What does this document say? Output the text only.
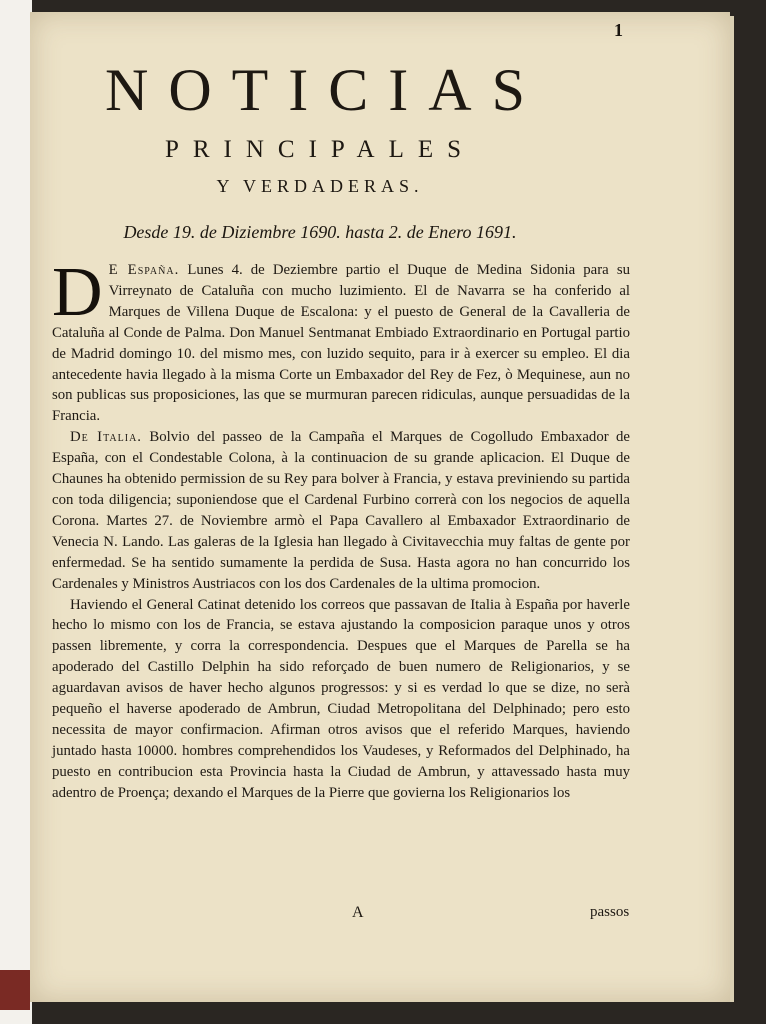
1
NOTICIAS
PRINCIPALES
Y VERDADERAS.
Desde 19. de Diziembre 1690. hasta 2. de Enero 1691.

D E España. Lunes 4. de Deziembre partio el Duque de Medina Sidonia para su Virreynato de Cataluña con mucho luzimiento. El de Navarra se ha conferido al Marques de Villena Duque de Escalona: y el puesto de General de la Cavalleria de Cataluña al Conde de Palma. Don Manuel Sentmanat Embiado Extraordinario en Portugal partio de Madrid domingo 10. del mismo mes, con luzido sequito, para ir à exercer su empleo. El dia antecedente havia llegado à la misma Corte un Embaxador del Rey de Fez, ò Mequinese, aun no son publicas sus proposiciones, las que se murmuran parecen ridiculas, aunque persuadidas de la Francia.

De Italia. Bolvio del passeo de la Campaña el Marques de Cogolludo Embaxador de España, con el Condestable Colona, à la continuacion de su grande aplicacion. El Duque de Chaunes ha obtenido permission de su Rey para bolver à Francia, y estava previniendo su partida con toda diligencia; suponiendose que el Cardenal Furbino correrà con los negocios de aquella Corona. Martes 27. de Noviembre armò el Papa Cavallero al Embaxador Extraordinario de Venecia N. Lando. Las galeras de la Iglesia han llegado à Civitavecchia muy faltas de gente por enfermedad. Se ha sentido sumamente la perdida de Susa. Hasta agora no han concurrido los Cardenales y Ministros Austriacos con los dos Cardenales de la ultima promocion.

Haviendo el General Catinat detenido los correos que passavan de Italia à España por haverle hecho lo mismo con los de Francia, se estava ajustando la composicion paraque unos y otros passen libremente, y corra la correspondencia. Despues que el Marques de Parella se ha apoderado del Castillo Delphin ha sido reforçado de buen numero de Religionarios, y se aguardavan avisos de haver hecho algunos progressos: y si es verdad lo que se dize, no serà pequeño el haverse apoderado de Ambrun, Ciudad Metropolitana del Delphinado; pero esto necessita de mayor confirmacion. Afirman otros avisos que el referido Marques, haviendo juntado hasta 10000. hombres comprehendidos los Vaudeses, y Reformados del Delphinado, ha puesto en contribucion esta Provincia hasta la Ciudad de Ambrun, y attavessado hasta muy adentro de Proença; dexando el Marques de la Pierre que govierna los Religionarios los

A	passos
